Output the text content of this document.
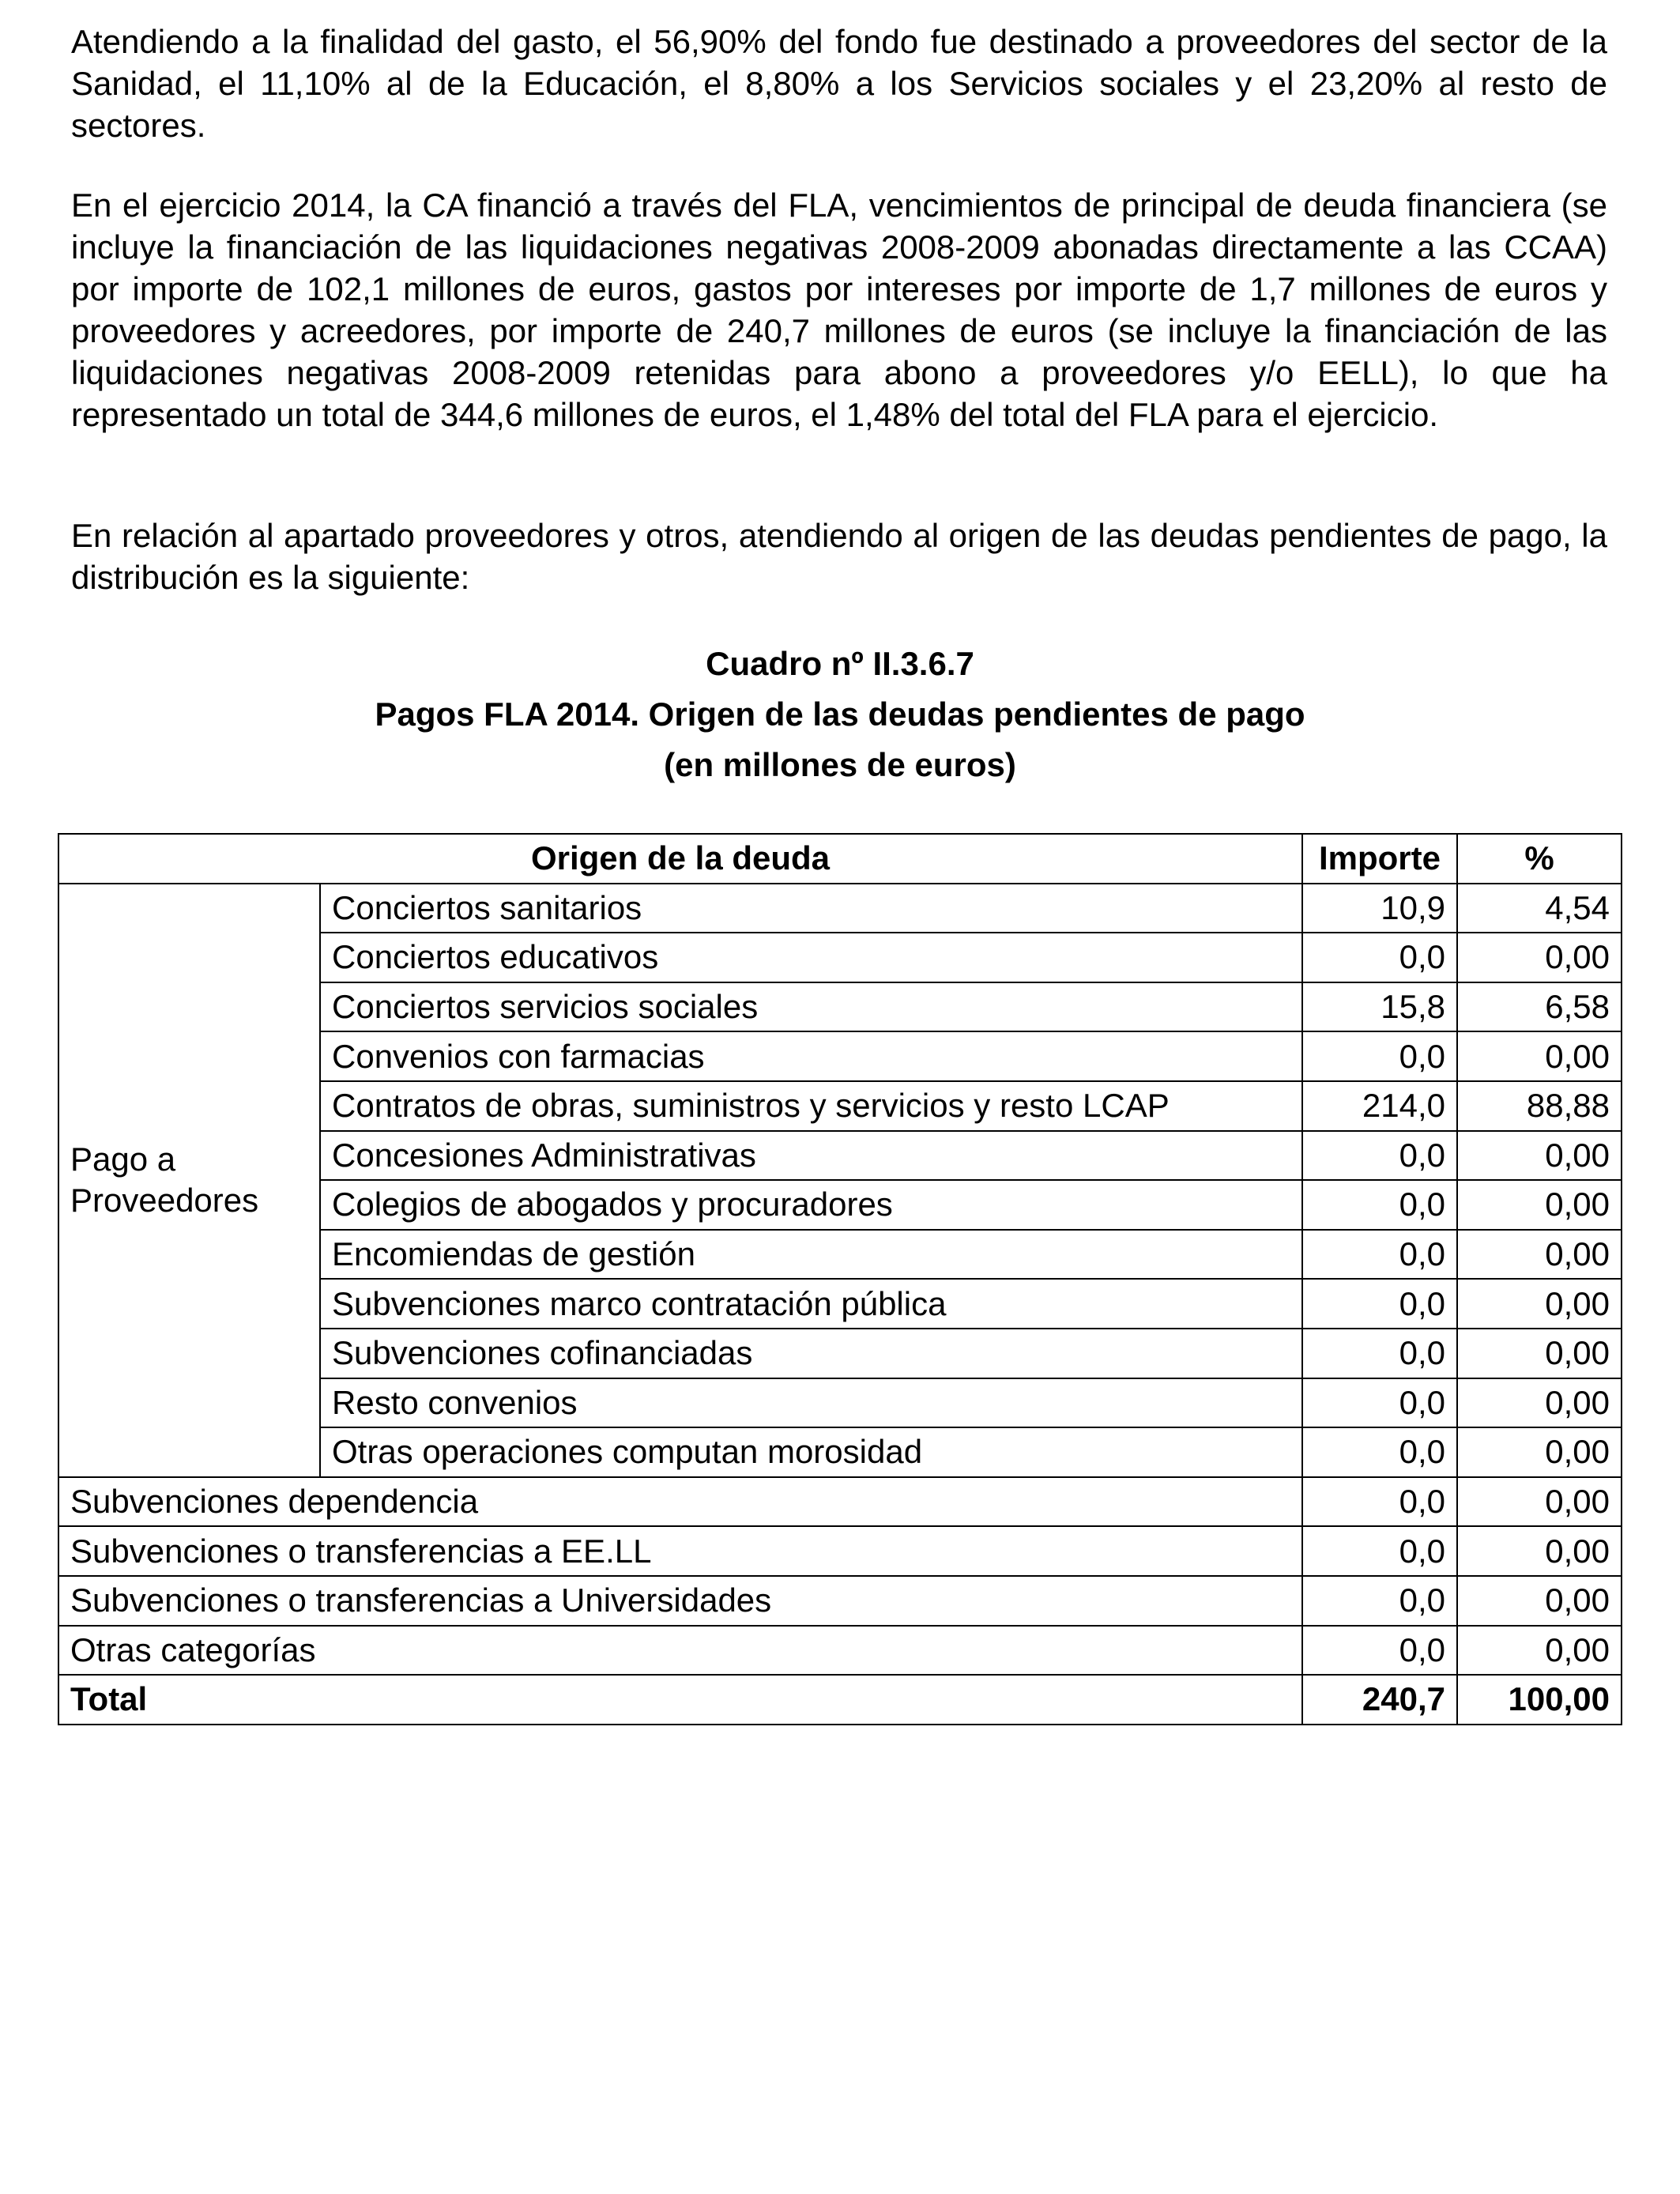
Atendiendo a la finalidad del gasto, el 56,90% del fondo fue destinado a proveedores del sector de la Sanidad, el 11,10% al de la Educación, el 8,80% a los Servicios sociales y el 23,20% al resto de sectores.

En el ejercicio 2014, la CA financió a través del FLA, vencimientos de principal de deuda financiera (se incluye la financiación de las liquidaciones negativas 2008-2009 abonadas directamente a las CCAA) por importe de 102,1 millones de euros, gastos por intereses por importe de 1,7 millones de euros y proveedores y acreedores, por importe de 240,7 millones de euros (se incluye la financiación de las liquidaciones negativas 2008-2009 retenidas para abono a proveedores y/o EELL), lo que ha representado un total de 344,6 millones de euros, el 1,48% del total del FLA para el ejercicio.

En relación al apartado proveedores y otros, atendiendo al origen de las deudas pendientes de pago, la distribución es la siguiente:

Cuadro nº II.3.6.7
Pagos FLA 2014. Origen de las deudas pendientes de pago
(en millones de euros)
Origen de la deuda		Importe	%
Pago a
Proveedores	Conciertos sanitarios	10,9	4,54
	Conciertos educativos	0,0	0,00
	Conciertos servicios sociales	15,8	6,58
	Convenios con farmacias	0,0	0,00
	Contratos de obras, suministros y servicios y resto LCAP	214,0	88,88
	Concesiones Administrativas	0,0	0,00
	Colegios de abogados y procuradores	0,0	0,00
	Encomiendas de gestión	0,0	0,00
	Subvenciones marco contratación pública	0,0	0,00
	Subvenciones cofinanciadas	0,0	0,00
	Resto convenios	0,0	0,00
	Otras operaciones computan morosidad	0,0	0,00
Subvenciones dependencia		0,0	0,00
Subvenciones o transferencias a EE.LL		0,0	0,00
Subvenciones o transferencias a Universidades		0,0	0,00
Otras categorías		0,0	0,00
Total		240,7	100,00
